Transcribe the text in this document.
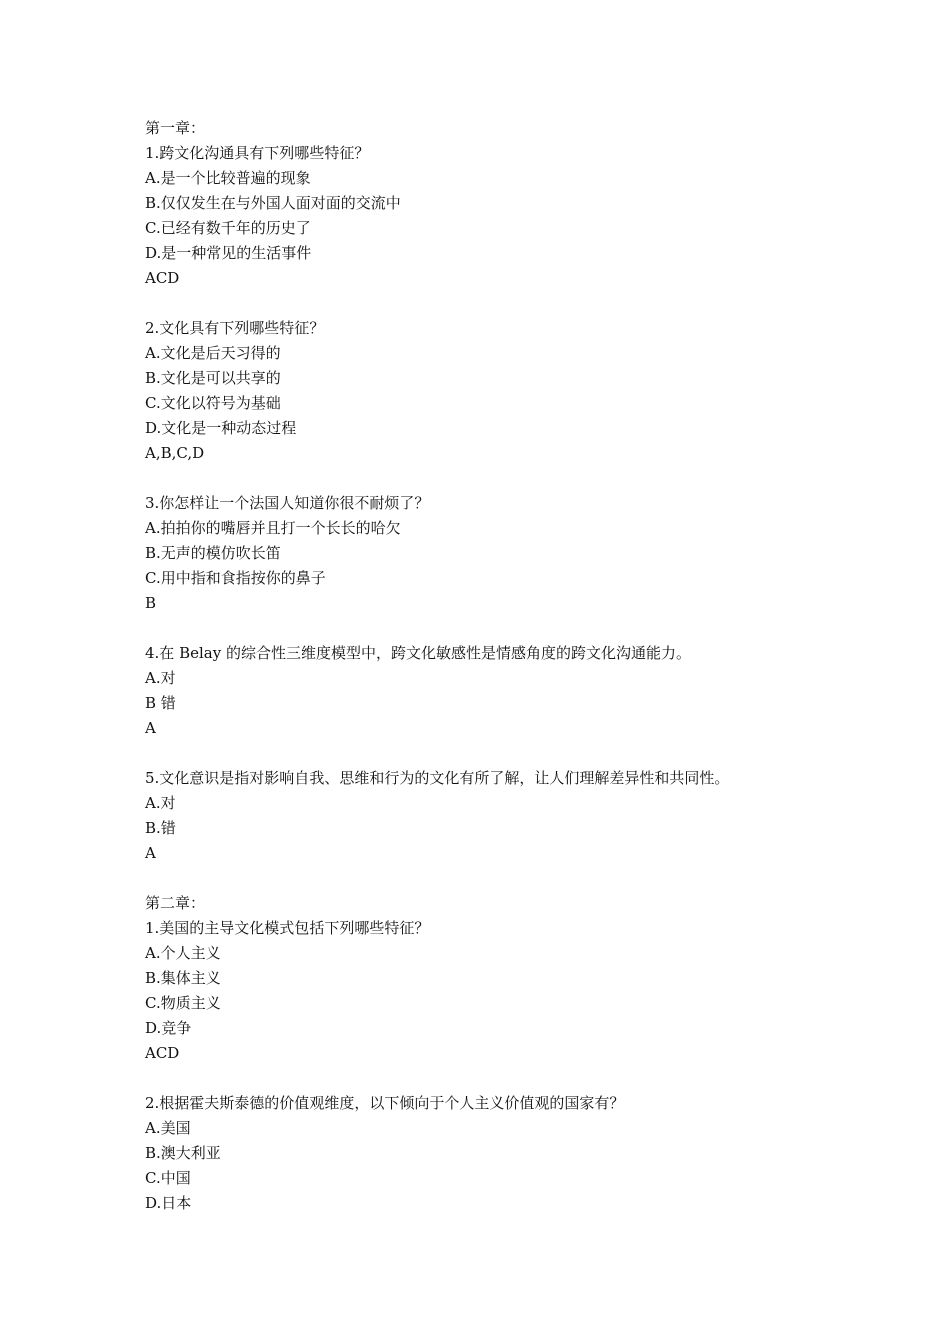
第一章：

1.跨文化沟通具有下列哪些特征？

A.是一个比较普遍的现象

B.仅仅发生在与外国人面对面的交流中

C.已经有数千年的历史了

D.是一种常见的生活事件

ACD

2.文化具有下列哪些特征？

A.文化是后天习得的

B.文化是可以共享的

C.文化以符号为基础

D.文化是一种动态过程

A,B,C,D

3.你怎样让一个法国人知道你很不耐烦了？

A.拍拍你的嘴唇并且打一个长长的哈欠

B.无声的模仿吹长笛

C.用中指和食指按你的鼻子

B

4.在 Belay 的综合性三维度模型中，跨文化敏感性是情感角度的跨文化沟通能力。

A.对

B 错

A

5.文化意识是指对影响自我、思维和行为的文化有所了解，让人们理解差异性和共同性。

A.对

B.错

A

第二章：

1.美国的主导文化模式包括下列哪些特征？

A.个人主义

B.集体主义

C.物质主义

D.竞争

ACD

2.根据霍夫斯泰德的价值观维度，以下倾向于个人主义价值观的国家有？

A.美国

B.澳大利亚

C.中国

D.日本
